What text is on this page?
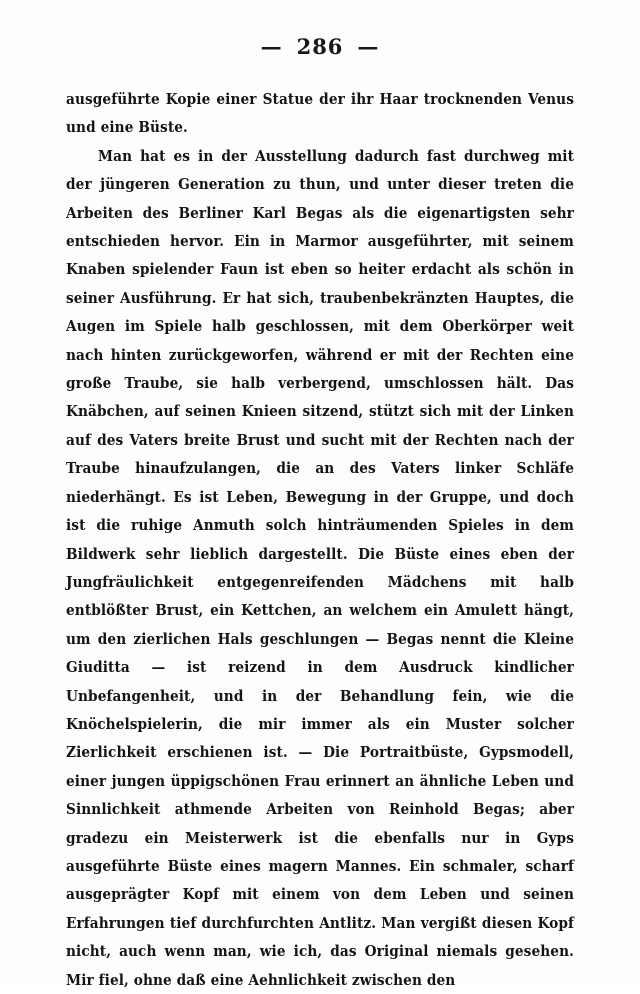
— 286 —

ausgeführte Kopie einer Statue der ihr Haar trocknenden Venus und eine Büste.

Man hat es in der Ausstellung dadurch fast durchweg mit der jüngeren Generation zu thun, und unter dieser treten die Arbeiten des Berliner Karl Begas als die eigenartigsten sehr entschieden hervor. Ein in Marmor ausgeführter, mit seinem Knaben spielender Faun ist eben so heiter erdacht als schön in seiner Ausführung. Er hat sich, traubenbekränzten Hauptes, die Augen im Spiele halb geschlossen, mit dem Oberkörper weit nach hinten zurückgeworfen, während er mit der Rechten eine große Traube, sie halb verbergend, umschlossen hält. Das Knäbchen, auf seinen Knieen sitzend, stützt sich mit der Linken auf des Vaters breite Brust und sucht mit der Rechten nach der Traube hinaufzulangen, die an des Vaters linker Schläfe niederhängt. Es ist Leben, Bewegung in der Gruppe, und doch ist die ruhige Anmuth solch hinträumenden Spieles in dem Bildwerk sehr lieblich dargestellt. Die Büste eines eben der Jungfräulichkeit entgegenreifenden Mädchens mit halb entblößter Brust, ein Kettchen, an welchem ein Amulett hängt, um den zierlichen Hals geschlungen — Begas nennt die Kleine Giuditta — ist reizend in dem Ausdruck kindlicher Unbefangenheit, und in der Behandlung fein, wie die Knöchelspielerin, die mir immer als ein Muster solcher Zierlichkeit erschienen ist. — Die Portraitbüste, Gypsmodell, einer jungen üppigschönen Frau erinnert an ähnliche Leben und Sinnlichkeit athmende Arbeiten von Reinhold Begas; aber gradezu ein Meisterwerk ist die ebenfalls nur in Gyps ausgeführte Büste eines magern Mannes. Ein schmaler, scharf ausgeprägter Kopf mit einem von dem Leben und seinen Erfahrungen tief durchfurchten Antlitz. Man vergißt diesen Kopf nicht, auch wenn man, wie ich, das Original niemals gesehen. Mir fiel, ohne daß eine Aehnlichkeit zwischen den
